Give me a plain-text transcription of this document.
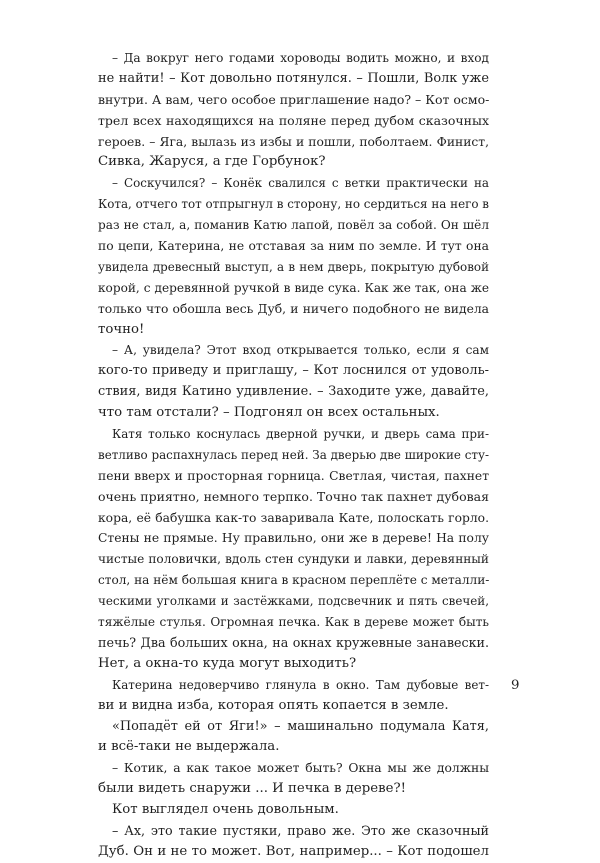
– Да вокруг него годами хороводы водить можно, и вход
не найти! – Кот довольно потянулся. – Пошли, Волк уже
внутри. А вам, чего особое приглашение надо? – Кот осмо-
трел всех находящихся на поляне перед дубом сказочных
героев. – Яга, вылазь из избы и пошли, поболтаем. Финист,
Сивка, Жаруся, а где Горбунок?
– Соскучился? – Конёк свалился с ветки практически на
Кота, отчего тот отпрыгнул в сторону, но сердиться на него в
раз не стал, а, поманив Катю лапой, повёл за собой. Он шёл
по цепи, Катерина, не отставая за ним по земле. И тут она
увидела древесный выступ, а в нем дверь, покрытую дубовой
корой, с деревянной ручкой в виде сука. Как же так, она же
только что обошла весь Дуб, и ничего подобного не видела
точно!
– А, увидела? Этот вход открывается только, если я сам
кого-то приведу и приглашу, – Кот лоснился от удоволь-
ствия, видя Катино удивление. – Заходите уже, давайте,
что там отстали? – Подгонял он всех остальных.
Катя только коснулась дверной ручки, и дверь сама при-
ветливо распахнулась перед ней. За дверью две широкие сту-
пени вверх и просторная горница. Светлая, чистая, пахнет
очень приятно, немного терпко. Точно так пахнет дубовая
кора, её бабушка как-то заваривала Кате, полоскать горло.
Стены не прямые. Ну правильно, они же в дереве! На полу
чистые половички, вдоль стен сундуки и лавки, деревянный
стол, на нём большая книга в красном переплёте с металли-
ческими уголками и застёжками, подсвечник и пять свечей,
тяжёлые стулья. Огромная печка. Как в дереве может быть
печь? Два больших окна, на окнах кружевные занавески.
Нет, а окна-то куда могут выходить?
Катерина недоверчиво глянула в окно. Там дубовые вет-
ви и видна изба, которая опять копается в земле.
«Попадёт ей от Яги!» – машинально подумала Катя,
и всё-таки не выдержала.
– Котик, а как такое может быть? Окна мы же должны
были видеть снаружи ... И печка в дереве?!
Кот выглядел очень довольным.
– Ах, это такие пустяки, право же. Это же сказочный
Дуб. Он и не то может. Вот, например... – Кот подошел
9
